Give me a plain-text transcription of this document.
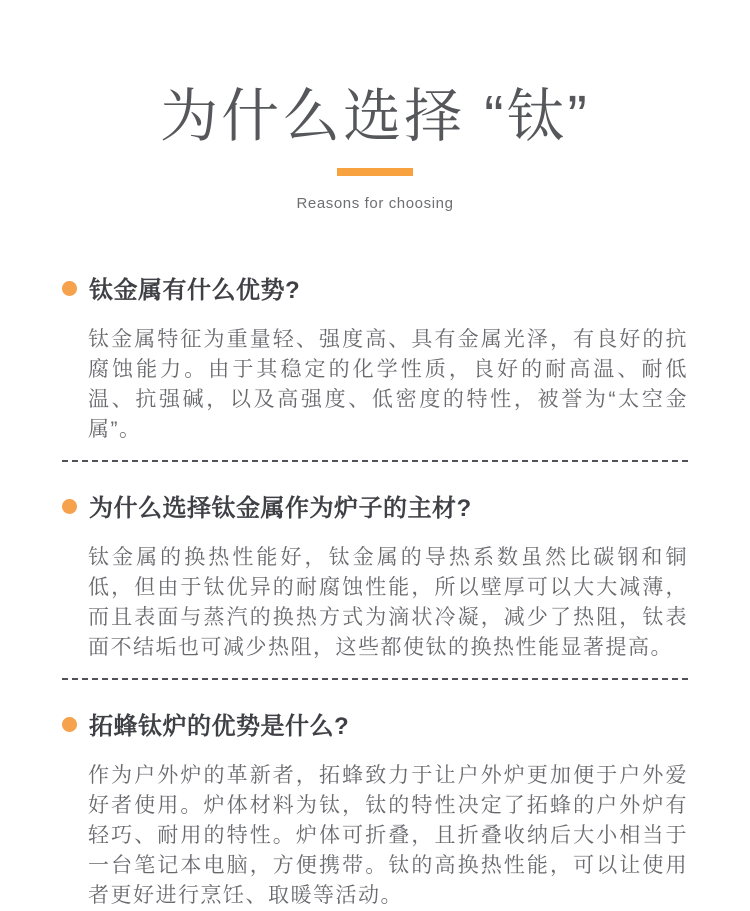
为什么选择 “钛”
Reasons for choosing
钛金属有什么优势?

钛金属特征为重量轻、强度高、具有金属光泽，有良好的抗腐蚀能力。由于其稳定的化学性质，良好的耐高温、耐低温、抗强碱，以及高强度、低密度的特性，被誉为“太空金属”。

为什么选择钛金属作为炉子的主材?

钛金属的换热性能好，钛金属的导热系数虽然比碳钢和铜低，但由于钛优异的耐腐蚀性能，所以壁厚可以大大减薄，而且表面与蒸汽的换热方式为滴状冷凝，减少了热阻，钛表面不结垢也可减少热阻，这些都使钛的换热性能显著提高。

拓蜂钛炉的优势是什么?

作为户外炉的革新者，拓蜂致力于让户外炉更加便于户外爱好者使用。炉体材料为钛，钛的特性决定了拓蜂的户外炉有轻巧、耐用的特性。炉体可折叠，且折叠收纳后大小相当于一台笔记本电脑，方便携带。钛的高换热性能，可以让使用者更好进行烹饪、取暖等活动。
